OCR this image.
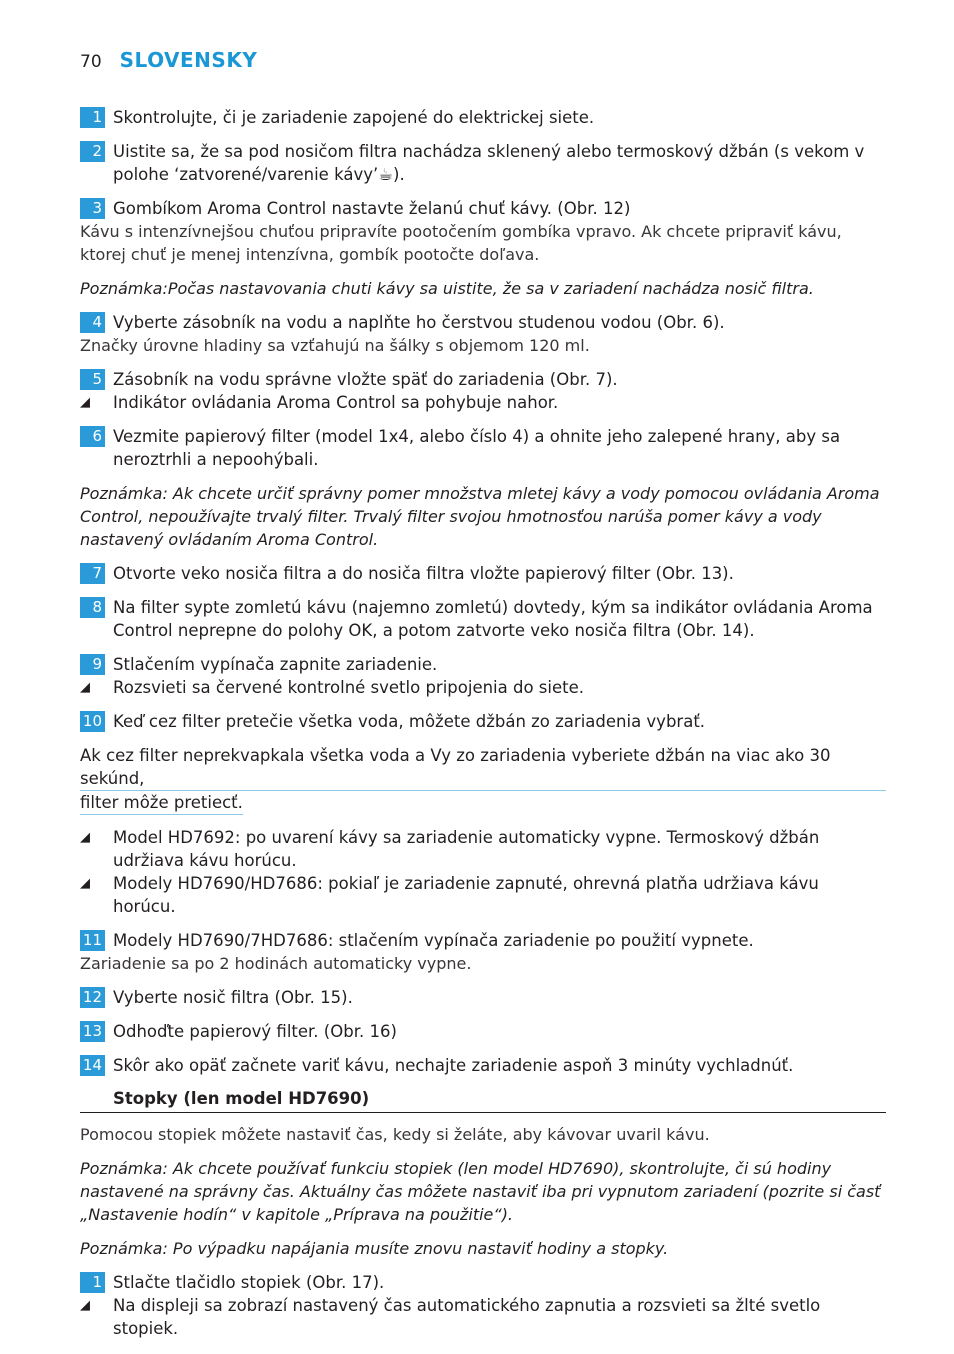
70 SLOVENSKY
1 Skontrolujte, či je zariadenie zapojené do elektrickej siete.
2 Uistite sa, že sa pod nosičom filtra nachádza sklenený alebo termoskový džbán (s vekom v polohe ‘zatvorené/varenie kávy’☕).
3 Gombíkom Aroma Control nastavte želanú chuť kávy. (Obr. 12)
Kávu s intenzívnejšou chuťou pripravíte pootočením gombíka vpravo. Ak chcete pripraviť kávu, ktorej chuť je menej intenzívna, gombík pootočte doľava.
Poznámka:Počas nastavovania chuti kávy sa uistite, že sa v zariadení nachádza nosič filtra.
4 Vyberte zásobník na vodu a naplňte ho čerstvou studenou vodou (Obr. 6).
Značky úrovne hladiny sa vzťahujú na šálky s objemom 120 ml.
5 Zásobník na vodu správne vložte späť do zariadenia (Obr. 7).
◢	Indikátor ovládania Aroma Control sa pohybuje nahor.
6 Vezmite papierový filter (model 1x4, alebo číslo 4) a ohnite jeho zalepené hrany, aby sa neroztrhli a nepoohýbali.
Poznámka: Ak chcete určiť správny pomer množstva mletej kávy a vody pomocou ovládania Aroma Control, nepoužívajte trvalý filter. Trvalý filter svojou hmotnosťou narúša pomer kávy a vody nastavený ovládaním Aroma Control.
7 Otvorte veko nosiča filtra a do nosiča filtra vložte papierový filter (Obr. 13).
8 Na filter sypte zomletú kávu (najemno zomletú) dovtedy, kým sa indikátor ovládania Aroma Control neprepne do polohy OK, a potom zatvorte veko nosiča filtra (Obr. 14).
9 Stlačením vypínača zapnite zariadenie.
◢	Rozsvieti sa červené kontrolné svetlo pripojenia do siete.
10 Keď cez filter pretečie všetka voda, môžete džbán zo zariadenia vybrať.
Ak cez filter neprekvapkala všetka voda a Vy zo zariadenia vyberiete džbán na viac ako 30 sekúnd,
filter môže pretiecť.
◢	Model HD7692: po uvarení kávy sa zariadenie automaticky vypne. Termoskový džbán udržiava kávu horúcu.
◢	Modely HD7690/HD7686: pokiaľ je zariadenie zapnuté, ohrevná platňa udržiava kávu horúcu.
11 Modely HD7690/7HD7686: stlačením vypínača zariadenie po použití vypnete.
Zariadenie sa po 2 hodinách automaticky vypne.
12 Vyberte nosič filtra (Obr. 15).
13 Odhoďte papierový filter. (Obr. 16)
14 Skôr ako opäť začnete variť kávu, nechajte zariadenie aspoň 3 minúty vychladnúť.
Stopky (len model HD7690)
Pomocou stopiek môžete nastaviť čas, kedy si želáte, aby kávovar uvaril kávu.
Poznámka: Ak chcete používať funkciu stopiek (len model HD7690), skontrolujte, či sú hodiny nastavené na správny čas. Aktuálny čas môžete nastaviť iba pri vypnutom zariadení (pozrite si časť „Nastavenie hodín“ v kapitole „Príprava na použitie“).
Poznámka: Po výpadku napájania musíte znovu nastaviť hodiny a stopky.
1 Stlačte tlačidlo stopiek (Obr. 17).
◢	Na displeji sa zobrazí nastavený čas automatického zapnutia a rozsvieti sa žlté svetlo stopiek.
